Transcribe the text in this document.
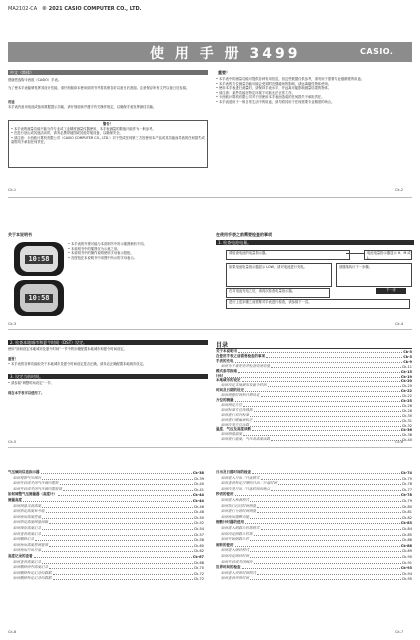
MA2102-CA © 2021 CASIO COMPUTER CO., LTD.
使 用 手 册 3499	CASIO.
中文（简体）
感谢您选购卡西欧（CASIO）手表。
为了使本手表能够发挥其设计性能，请仔细阅读本使用说明书并将其保存好以备日后查阅。注意保存所有文件以备日后参阅。
用途
本手表有备用电池或备用数据提示功能，请仔细阅读并遵守有关操作规定，以确保手表发挥最佳功能。
警告！
• 本手表的测量功能不能当作专业或工业精度测量仪器使用，本手表测量的数值只能作为一般参考。
• 在进行登山或其他活动时，请务必携带地图或其他导航设备，以确保安全。
• 请注意：卡西欧计算机有限公司（CASIO COMPUTER CO., LTD.）对于您或任何第三方因使用本产品或其功能而导致的任何损失或索赔均不承担任何责任。
重要！
• 本手表中的测量功能可提供各种有用信息，但这些数据仅供参考，请勿用于需要专业级精度的用途。
• 本手表的方位测量功能可能会受到附近强磁场的影响，请远离磁性物体使用。
• 使用本手表进行测量时，请保持手表水平，并远离可能影响测量结果的物体。
• 请注意：某些功能在特定环境下可能无法正常工作。
• 卡西欧计算机有限公司对于因使用本手表而造成的任何损失不承担责任。
• 本手表适用于一般日常生活中的用途，请勿将其用于任何需要专业精度的场合。
Ck-1	Ck-2
关于本说明书
10:58
10:58
• 本手表的外观可能与本说明书中所示插图稍有不同。
• 本说明书中的插图仅为示意之用。
• 本说明书中的操作说明使用字母表示按钮。
• 各按钮在本说明书中用图中所示的字母表示。
在使用手表之前需要检查的事项
1. 检查电池电量。
请检查电池的电量指示器。	电池电量指示器显示 H、M 或 L。
如果电池电量指示器显示 LOW，请对电池进行充电。	请继续执行下一步骤。
在对电池充电之后，请再次检查电量指示器。	下一步
进行上述步骤之前需要对手表进行检查，请参阅下一页。
Ck-3	Ck-4
2. 检查本地城市和夏令时间（DST）设定。
使用“如何设定本地城市及夏令时间”一节中的步骤配置本地城市和夏令时间设定。
重要！
• 本手表的各种功能取决于本地城市及夏令时间设定是否正确，请务必正确配置本地城市设定。
3. 设定当前时间。
• 请参阅“调整时间设定”一节。
现在本手表可以使用了。
目录
关于本说明书	Ck-3
在使用手表之前需要检查的事项	Ck-3
手表的充电	Ck-9
如何为手表充电并检查电池电量	Ck-11
模式参考指南	Ck-15
计时	Ck-19
本地城市的设定	Ck-20
如何设定本地城市及夏令时间	Ck-20
时间及日期的设定	Ck-22
如何调整时间和日期设定	Ck-22
方位的测量	Ck-25
如何测定方位	Ck-26
如何校准方位传感器	Ck-28
如何进行双向校准	Ck-30
如何进行磁偏角校正	Ck-31
如何改变方位读数	Ck-32
温度、气压及高度读数	Ck-36
如何测量温度	Ck-38
如何进行温度、气压及高度读数	Ck-40
Ck-5	Ck-6
气压倾向信息指示器	Ck-38
如何观察气压倾向	Ck-39
如何开启或关闭气压倾向警报	Ck-40
如何开启或关闭气压倾向警报器	Ck-41
如何调整气压测量器（高度计）	Ck-44
测量高度	Ck-44
如何测量当前高度	Ck-46
如何指定高度参考值	Ck-48
如何使用高度差值	Ck-50
如何指定高度测量间隔	Ck-52
如何保存高度记录	Ck-54
如何查看高度记录	Ck-57
如何删除记录	Ck-58
如何使用高度差测量器	Ck-60
如何使用日出日落	Ck-62
高度记录的查看	Ck-67
如何查看高度记录	Ck-68
如何删除所有高度记录	Ck-70
如何删除特定记录的数据	Ck-72
如何删除特定记录的数据	Ck-72
日出及日落时间的检查	Ck-74
如何进入日出／日落模式	Ck-75
如何查看特定日期的日出／日落时间	Ck-76
如何改变日出／日落时间的地点	Ck-77
秒表的使用	Ck-78
如何进入秒表模式	Ck-79
如何执行经过时间测量	Ck-80
如何进行分段时间测量	Ck-81
如何使用提醒功能	Ck-82
倒数计时器的使用	Ck-83
如何进入倒数计时器模式	Ck-84
如何设定倒数计时器	Ck-85
如何开始倒数计时	Ck-86
闹铃的使用	Ck-88
如何进入闹铃模式	Ck-89
如何设定闹铃时间	Ck-90
如何开启或关闭闹铃	Ck-91
世界时间的检查	Ck-93
如何进入世界时间模式	Ck-94
如何查看世界时间	Ck-95
Ck-8	Ck-7
